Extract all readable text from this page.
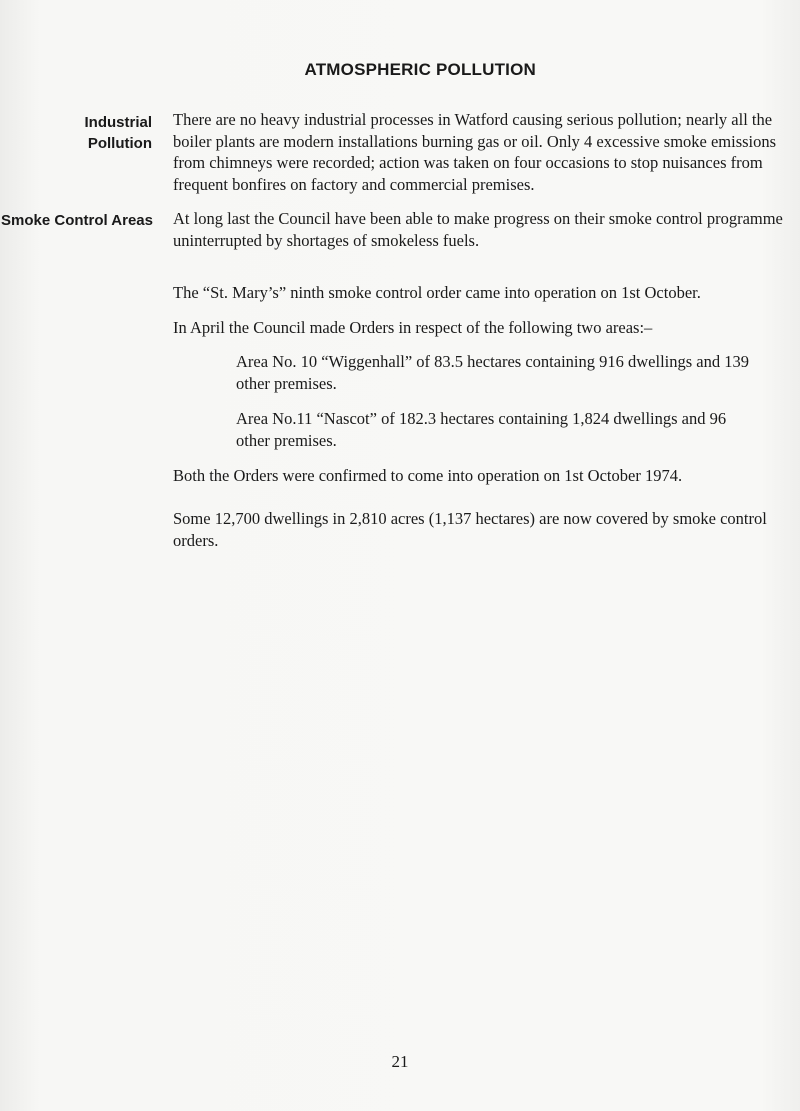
ATMOSPHERIC POLLUTION
Industrial
Pollution

There are no heavy industrial processes in Watford causing serious pollution; nearly all the boiler plants are modern installations burning gas or oil. Only 4 excessive smoke emissions from chimneys were recorded; action was taken on four occasions to stop nuisances from frequent bonfires on factory and commercial premises.

Smoke Control Areas At long last the Council have been able to make progress on their smoke control programme uninterrupted by shortages of smokeless fuels.

The “St. Mary’s” ninth smoke control order came into operation on 1st October.

In April the Council made Orders in respect of the following two areas:–

Area No. 10 “Wiggenhall” of 83.5 hectares containing 916 dwellings and 139 other premises.

Area No.11 “Nascot” of 182.3 hectares containing 1,824 dwellings and 96 other premises.

Both the Orders were confirmed to come into operation on 1st October 1974.

Some 12,700 dwellings in 2,810 acres (1,137 hectares) are now covered by smoke control orders.

21
